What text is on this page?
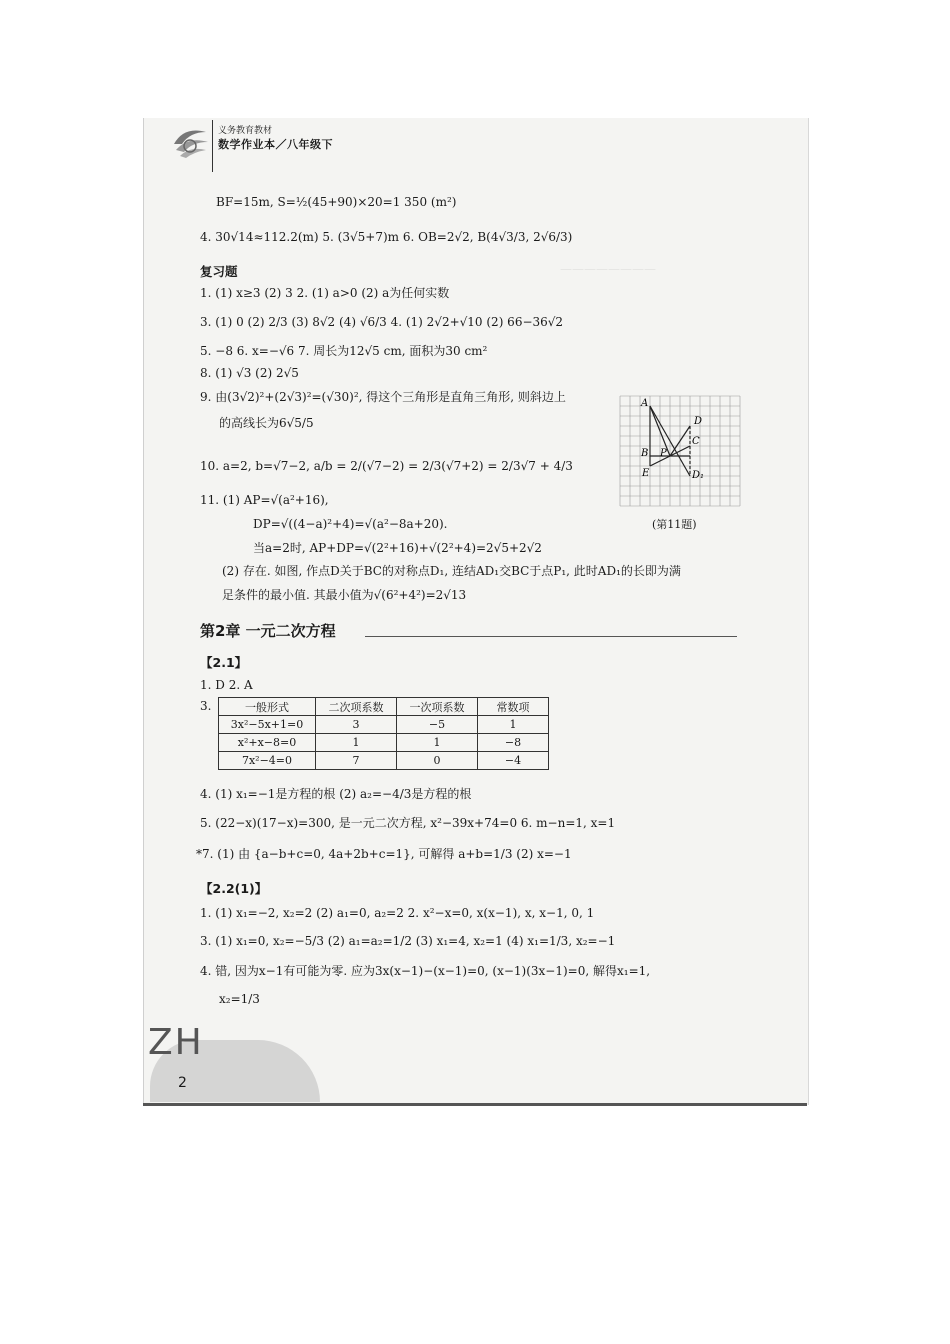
————————
义务教育教材
数学作业本／八年级下
BF=15m, S=½(45+90)×20=1 350 (m²)
4. 30√14≈112.2(m) 5. (3√5+7)m 6. OB=2√2, B(4√3/3, 2√6/3)
复习题
1. (1) x≥3 (2) 3 2. (1) a>0 (2) a为任何实数
3. (1) 0 (2) 2/3 (3) 8√2 (4) √6/3 4. (1) 2√2+√10 (2) 66−36√2
5. −8 6. x=−√6 7. 周长为12√5 cm, 面积为30 cm²
8. (1) √3 (2) 2√5
9. 由(3√2)²+(2√3)²=(√30)², 得这个三角形是直角三角形, 则斜边上
的高线长为6√5/5
10. a=2, b=√7−2, a/b = 2/(√7−2) = 2/3(√7+2) = 2/3√7 + 4/3
11. (1) AP=√(a²+16),
DP=√((4−a)²+4)=√(a²−8a+20).
当a=2时, AP+DP=√(2²+16)+√(2²+4)=2√5+2√2
(2) 存在. 如图, 作点D关于BC的对称点D₁, 连结AD₁交BC于点P₁, 此时AD₁的长即为满
足条件的最小值. 其最小值为√(6²+4²)=2√13
A
D
C
B P
E	D₁
(第11题)
第2章 一元二次方程
【2.1】
1. D 2. A
3.	一般形式	二次项系数	一次项系数	常数项
3x²−5x+1=0	3	−5	1
x²+x−8=0	1	1	−8
7x²−4=0	7	0	−4
4. (1) x₁=−1是方程的根 (2) a₂=−4/3是方程的根
5. (22−x)(17−x)=300, 是一元二次方程, x²−39x+74=0 6. m−n=1, x=1
*7. (1) 由 {a−b+c=0, 4a+2b+c=1}, 可解得 a+b=1/3 (2) x=−1
【2.2(1)】
1. (1) x₁=−2, x₂=2 (2) a₁=0, a₂=2 2. x²−x=0, x(x−1), x, x−1, 0, 1
3. (1) x₁=0, x₂=−5/3 (2) a₁=a₂=1/2 (3) x₁=4, x₂=1 (4) x₁=1/3, x₂=−1
4. 错, 因为x−1有可能为零. 应为3x(x−1)−(x−1)=0, (x−1)(3x−1)=0, 解得x₁=1,
x₂=1/3
ZH
2
